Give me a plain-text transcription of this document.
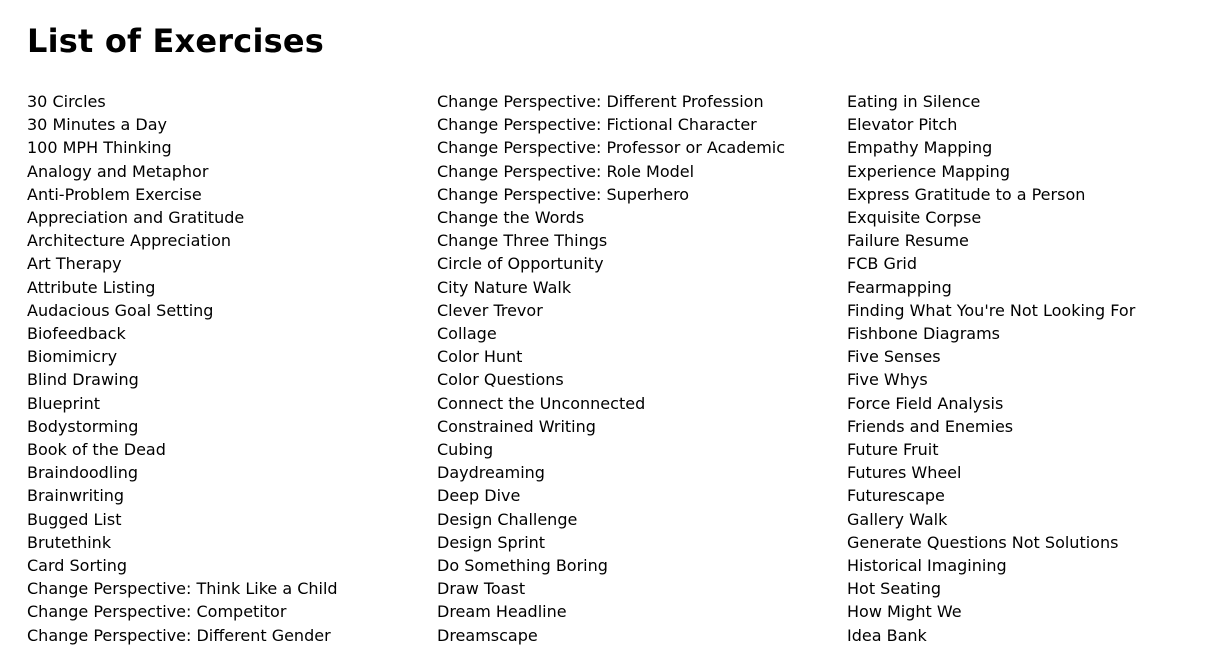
List of Exercises
30 Circles
30 Minutes a Day
100 MPH Thinking
Analogy and Metaphor
Anti-Problem Exercise
Appreciation and Gratitude
Architecture Appreciation
Art Therapy
Attribute Listing
Audacious Goal Setting
Biofeedback
Biomimicry
Blind Drawing
Blueprint
Bodystorming
Book of the Dead
Braindoodling
Brainwriting
Bugged List
Brutethink
Card Sorting
Change Perspective: Think Like a Child
Change Perspective: Competitor
Change Perspective: Different Gender
Change Perspective: Different Profession
Change Perspective: Fictional Character
Change Perspective: Professor or Academic
Change Perspective: Role Model
Change Perspective: Superhero
Change the Words
Change Three Things
Circle of Opportunity
City Nature Walk
Clever Trevor
Collage
Color Hunt
Color Questions
Connect the Unconnected
Constrained Writing
Cubing
Daydreaming
Deep Dive
Design Challenge
Design Sprint
Do Something Boring
Draw Toast
Dream Headline
Dreamscape
Eating in Silence
Elevator Pitch
Empathy Mapping
Experience Mapping
Express Gratitude to a Person
Exquisite Corpse
Failure Resume
FCB Grid
Fearmapping
Finding What You're Not Looking For
Fishbone Diagrams
Five Senses
Five Whys
Force Field Analysis
Friends and Enemies
Future Fruit
Futures Wheel
Futurescape
Gallery Walk
Generate Questions Not Solutions
Historical Imagining
Hot Seating
How Might We
Idea Bank
